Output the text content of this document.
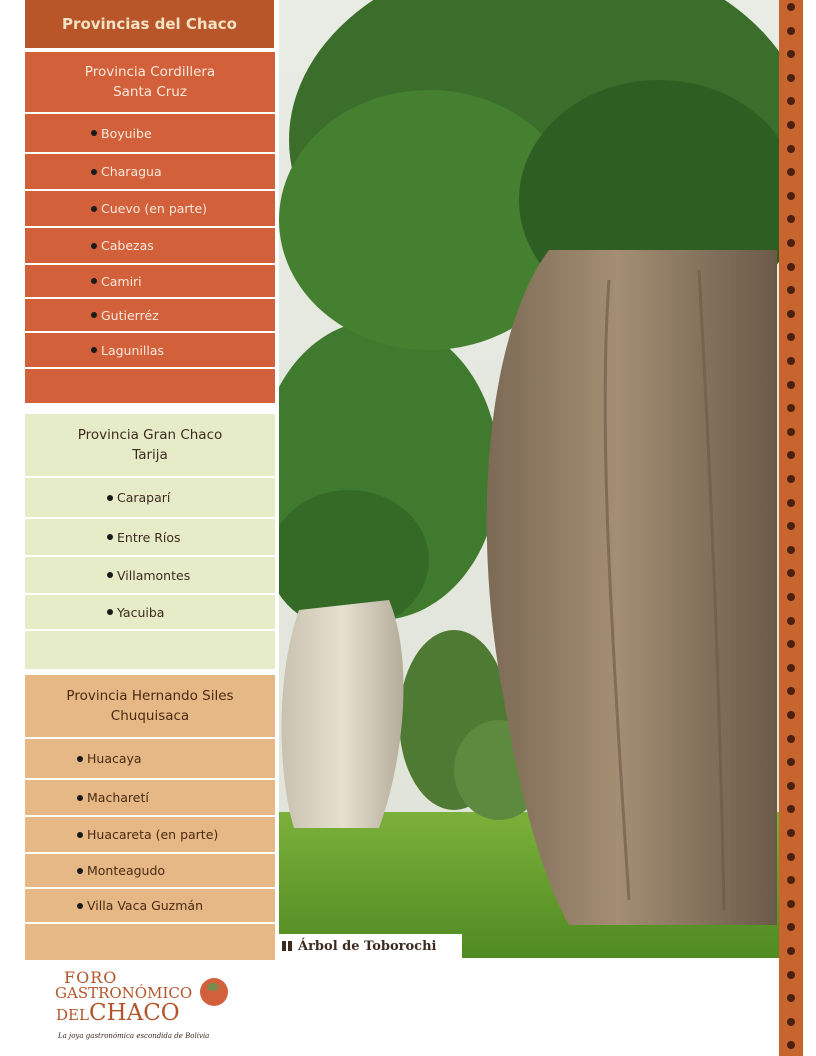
Provincias del Chaco
Provincia Cordillera
Santa Cruz
Boyuibe
Charagua
Cuevo (en parte)
Cabezas
Camiri
Gutierréz
Lagunillas
Provincia Gran Chaco
Tarija
Caraparí
Entre Ríos
Villamontes
Yacuiba
Provincia Hernando Siles
Chuquisaca
Huacaya
Macharetí
Huacareta (en parte)
Monteagudo
Villa Vaca Guzmán
Árbol de Toborochi
FORO
GASTRONÓMICO
DELCHACO
La joya gastronómica escondida de Bolivia
